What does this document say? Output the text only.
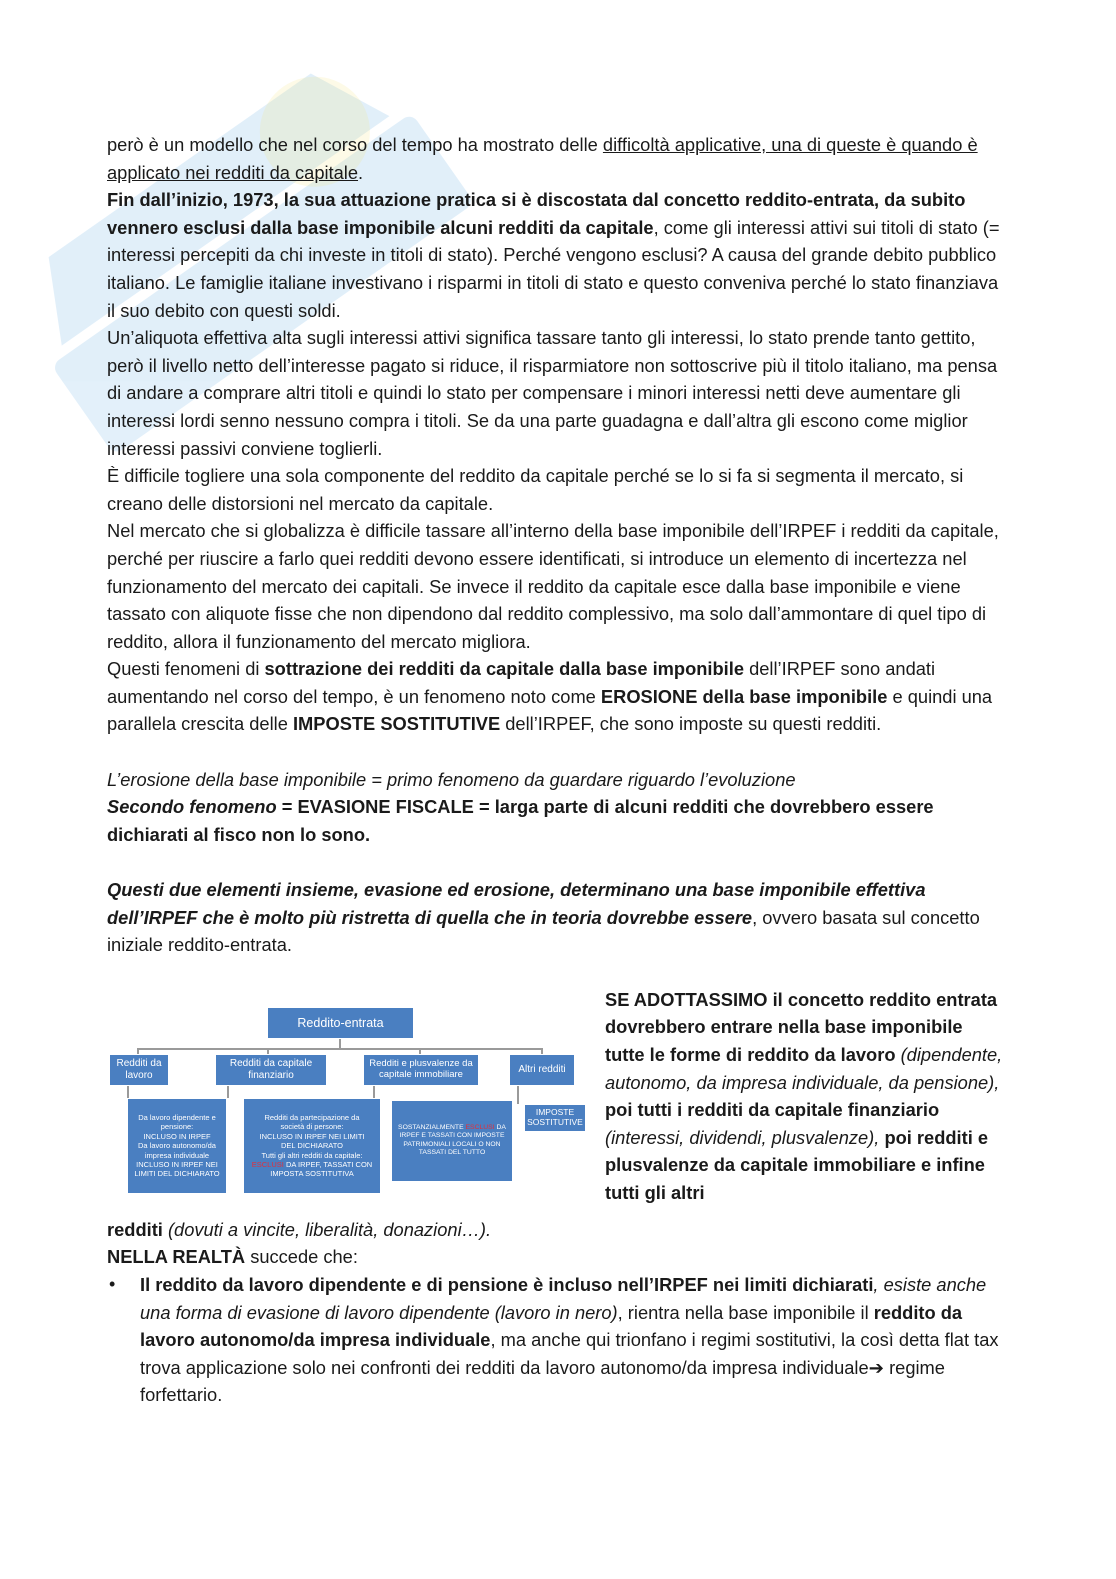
però è un modello che nel corso del tempo ha mostrato delle difficoltà applicative, una di queste è quando è applicato nei redditi da capitale.

Fin dall’inizio, 1973, la sua attuazione pratica si è discostata dal concetto reddito-entrata, da subito vennero esclusi dalla base imponibile alcuni redditi da capitale, come gli interessi attivi sui titoli di stato (= interessi percepiti da chi investe in titoli di stato). Perché vengono esclusi? A causa del grande debito pubblico italiano. Le famiglie italiane investivano i risparmi in titoli di stato e questo conveniva perché lo stato finanziava il suo debito con questi soldi.

Un’aliquota effettiva alta sugli interessi attivi significa tassare tanto gli interessi, lo stato prende tanto gettito, però il livello netto dell’interesse pagato si riduce, il risparmiatore non sottoscrive più il titolo italiano, ma pensa di andare a comprare altri titoli e quindi lo stato per compensare i minori interessi netti deve aumentare gli interessi lordi senno nessuno compra i titoli. Se da una parte guadagna e dall’altra gli escono come miglior interessi passivi conviene toglierli.

È difficile togliere una sola componente del reddito da capitale perché se lo si fa si segmenta il mercato, si creano delle distorsioni nel mercato da capitale.

Nel mercato che si globalizza è difficile tassare all’interno della base imponibile dell’IRPEF i redditi da capitale, perché per riuscire a farlo quei redditi devono essere identificati, si introduce un elemento di incertezza nel funzionamento del mercato dei capitali. Se invece il reddito da capitale esce dalla base imponibile e viene tassato con aliquote fisse che non dipendono dal reddito complessivo, ma solo dall’ammontare di quel tipo di reddito, allora il funzionamento del mercato migliora.

Questi fenomeni di sottrazione dei redditi da capitale dalla base imponibile dell’IRPEF sono andati aumentando nel corso del tempo, è un fenomeno noto come EROSIONE della base imponibile e quindi una parallela crescita delle IMPOSTE SOSTITUTIVE dell’IRPEF, che sono imposte su questi redditi.

L’erosione della base imponibile = primo fenomeno da guardare riguardo l’evoluzione

Secondo fenomeno = EVASIONE FISCALE = larga parte di alcuni redditi che dovrebbero essere dichiarati al fisco non lo sono.

Questi due elementi insieme, evasione ed erosione, determinano una base imponibile effettiva dell’IRPEF che è molto più ristretta di quella che in teoria dovrebbe essere, ovvero basata sul concetto iniziale reddito-entrata.

Reddito-entrata
Redditi da
lavoro
Redditi da capitale
finanziario
Redditi e plusvalenze da
capitale immobiliare	Altri redditi
Da lavoro dipendente e
pensione:
INCLUSO IN IRPEF
Da lavoro autonomo/da
impresa individuale
INCLUSO IN IRPEF NEI
LIMITI DEL DICHIARATO
Redditi da partecipazione da
società di persone:
INCLUSO IN IRPEF NEI LIMITI
DEL DICHIARATO
Tutti gli altri redditi da capitale:
ESCLUSI DA IRPEF, TASSATI CON
IMPOSTA SOSTITUTIVA
SOSTANZIALMENTE ESCLUSI DA
IRPEF E TASSATI CON IMPOSTE
PATRIMONIALI LOCALI O NON
TASSATI DEL TUTTO
IMPOSTE
SOSTITUTIVE
SE ADOTTASSIMO il concetto reddito entrata dovrebbero entrare nella base imponibile tutte le forme di reddito da lavoro (dipendente, autonomo, da impresa individuale, da pensione), poi tutti i redditi da capitale finanziario (interessi, dividendi, plusvalenze), poi redditi e plusvalenze da capitale immobiliare e infine tutti gli altri

redditi (dovuti a vincite, liberalità, donazioni…).

NELLA REALTÀ succede che:

• Il reddito da lavoro dipendente e di pensione è incluso nell’IRPEF nei limiti dichiarati, esiste anche una forma di evasione di lavoro dipendente (lavoro in nero), rientra nella base imponibile il reddito da lavoro autonomo/da impresa individuale, ma anche qui trionfano i regimi sostitutivi, la così detta flat tax trova applicazione solo nei confronti dei redditi da lavoro autonomo/da impresa individuale➔ regime forfettario.
